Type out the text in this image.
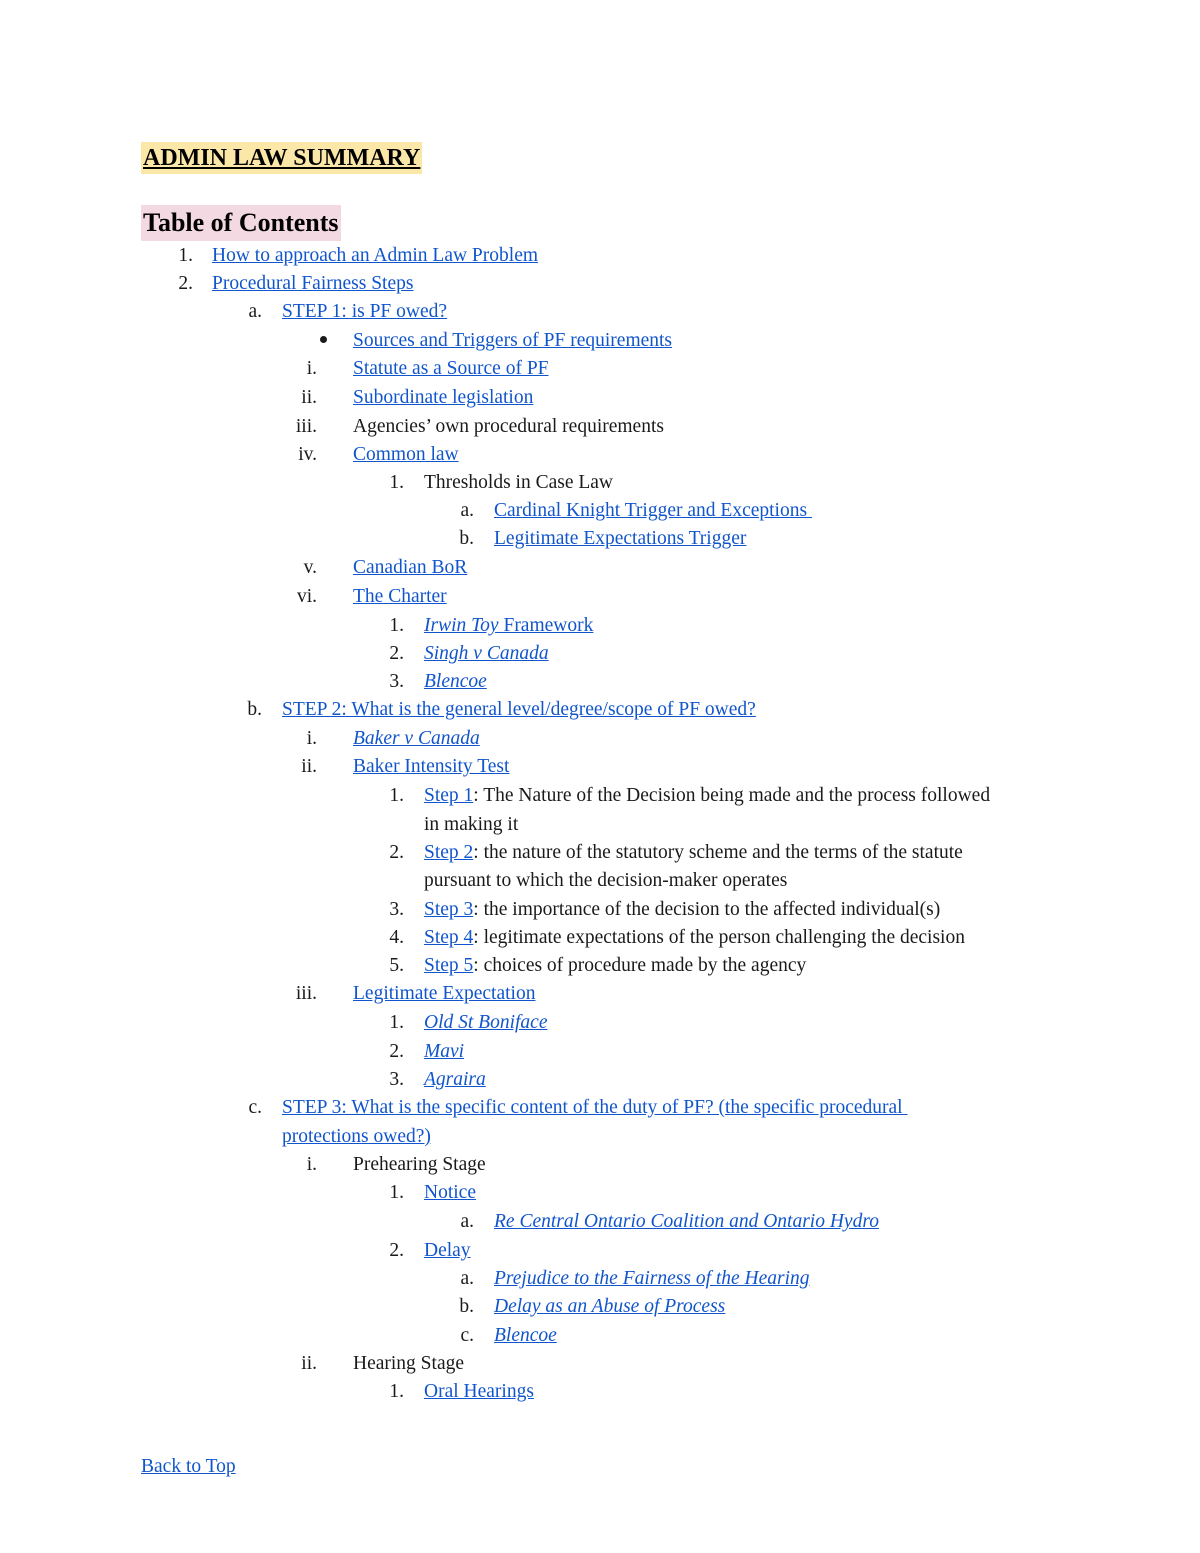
ADMIN LAW SUMMARY
Table of Contents
1. How to approach an Admin Law Problem
2. Procedural Fairness Steps
a. STEP 1: is PF owed?
Sources and Triggers of PF requirements
i. Statute as a Source of PF
ii. Subordinate legislation
iii. Agencies’ own procedural requirements
iv. Common law
1. Thresholds in Case Law
a. Cardinal Knight Trigger and Exceptions
b. Legitimate Expectations Trigger
v. Canadian BoR
vi. The Charter
1. Irwin Toy Framework
2. Singh v Canada
3. Blencoe
b. STEP 2: What is the general level/degree/scope of PF owed?
i. Baker v Canada
ii. Baker Intensity Test
1. Step 1: The Nature of the Decision being made and the process followed
in making it
2. Step 2: the nature of the statutory scheme and the terms of the statute
pursuant to which the decision-maker operates
3. Step 3: the importance of the decision to the affected individual(s)
4. Step 4: legitimate expectations of the person challenging the decision
5. Step 5: choices of procedure made by the agency
iii. Legitimate Expectation
1. Old St Boniface
2. Mavi
3. Agraira
c. STEP 3: What is the specific content of the duty of PF? (the specific procedural
protections owed?)
i. Prehearing Stage
1. Notice
a. Re Central Ontario Coalition and Ontario Hydro
2. Delay
a. Prejudice to the Fairness of the Hearing
b. Delay as an Abuse of Process
c. Blencoe
ii. Hearing Stage
1. Oral Hearings
Back to Top
